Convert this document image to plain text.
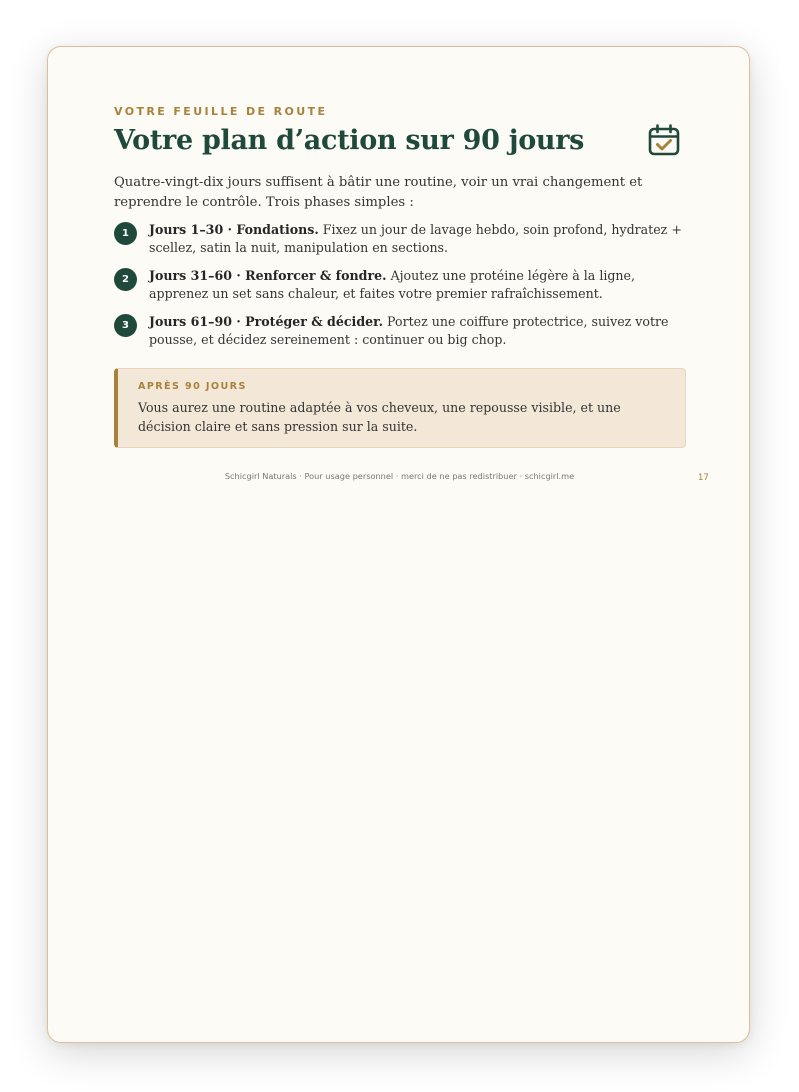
VOTRE FEUILLE DE ROUTE
Votre plan d’action sur 90 jours

Quatre-vingt-dix jours suffisent à bâtir une routine, voir un vrai changement et reprendre le contrôle. Trois phases simples :

1	Jours 1–30 · Fondations. Fixez un jour de lavage hebdo, soin profond, hydratez + scellez, satin la nuit, manipulation en sections.
2	Jours 31–60 · Renforcer & fondre. Ajoutez une protéine légère à la ligne, apprenez un set sans chaleur, et faites votre premier rafraîchissement.
3	Jours 61–90 · Protéger & décider. Portez une coiffure protectrice, suivez votre pousse, et décidez sereinement : continuer ou big chop.
APRÈS 90 JOURS
Vous aurez une routine adaptée à vos cheveux, une repousse visible, et une décision claire et sans pression sur la suite.
Schicgirl Naturals · Pour usage personnel · merci de ne pas redistribuer · schicgirl.me	17
